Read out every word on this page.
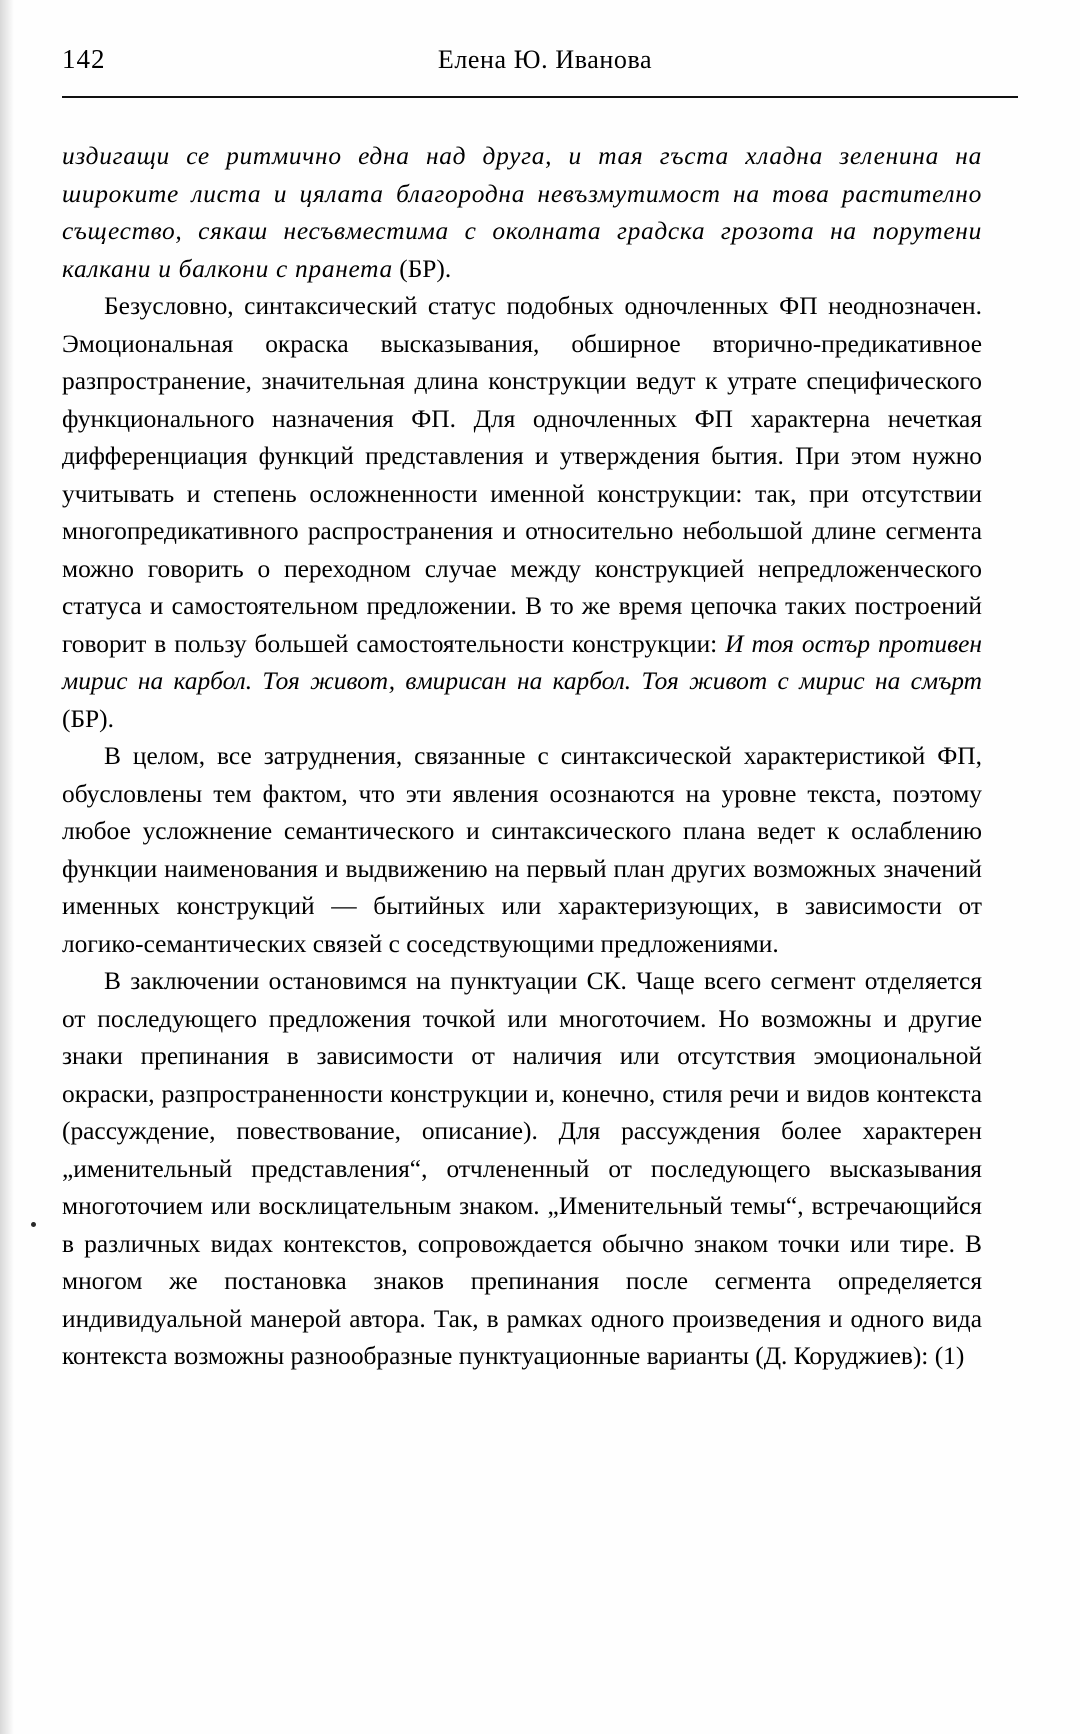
142	Елена Ю. Иванова

издигащи се ритмично една над друга, и тая гъста хладна зеленина на широките листа и цялата благородна невъзмутимост на това растително същество, сякаш несъвместима с околната градска грозота на порутени калкани и балкони с пранета (БР).

Безусловно, синтаксический статус подобных одночленных ФП неоднозначен. Эмоциональная окраска высказывания, обширное вторично-предикативное разпространение, значительная длина конструкции ведут к утрате специфического функционального назначения ФП. Для одночленных ФП характерна нечеткая дифференциация функций представления и утверждения бытия. При этом нужно учитывать и степень осложненности именной конструкции: так, при отсутствии многопредикативного распространения и относительно небольшой длине сегмента можно говорить о переходном случае между конструкцией непредложенческого статуса и самостоятельном предложении. В то же время цепочка таких построений говорит в пользу большей самостоятельности конструкции: И тоя остър противен мирис на карбол. Тоя живот, вмирисан на карбол. Тоя живот с мирис на смърт (БР).

В целом, все затруднения, связанные с синтаксической характеристикой ФП, обусловлены тем фактом, что эти явления осознаются на уровне текста, поэтому любое усложнение семантического и синтаксического плана ведет к ослаблению функции наименования и выдвижению на первый план других возможных значений именных конструкций — бытийных или характеризующих, в зависимости от логико-семантических связей с соседствующими предложениями.

В заключении остановимся на пунктуации СК. Чаще всего сегмент отделяется от последующего предложения точкой или многоточием. Но возможны и другие знаки препинания в зависимости от наличия или отсутствия эмоциональной окраски, разпространенности конструкции и, конечно, стиля речи и видов контекста (рассуждение, повествование, описание). Для рассуждения более характерен „именительный представления“, отчлененный от последующего высказывания многоточием или восклицательным знаком. „Именительный темы“, встречающийся в различных видах контекстов, сопровождается обычно знаком точки или тире. В многом же постановка знаков препинания после сегмента определяется индивидуальной манерой автора. Так, в рамках одного произведения и одного вида контекста возможны разнообразные пунктуационные варианты (Д. Коруджиев): (1)
